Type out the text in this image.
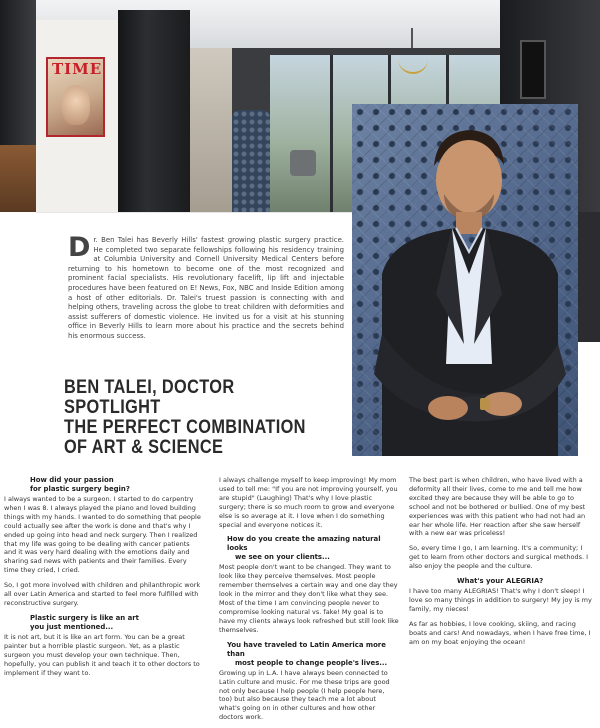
TIME
Dr. Ben Talei has Beverly Hills' fastest growing plastic surgery practice. He completed two separate fellowships following his residency training at Columbia University and Cornell University Medical Centers before returning to his hometown to become one of the most recognized and prominent facial specialists. His revolutionary facelift, lip lift and injectable procedures have been featured on E! News, Fox, NBC and Inside Edition among a host of other editorials. Dr. Talei's truest passion is connecting with and helping others, traveling across the globe to treat children with deformities and assist sufferers of domestic violence. He invited us for a visit at his stunning office in Beverly Hills to learn more about his practice and the secrets behind his enormous success.
BEN TALEI, DOCTOR SPOTLIGHT
THE PERFECT COMBINATION
OF ART & SCIENCE
How did your passion
for plastic surgery begin?

I always wanted to be a surgeon. I started to do carpentry when I was 8. I always played the piano and loved building things with my hands. I wanted to do something that people could actually see after the work is done and that's why I ended up going into head and neck surgery. Then I realized that my life was going to be dealing with cancer patients and it was very hard dealing with the emotions daily and sharing sad news with patients and their families. Every time they cried, I cried.

So, I got more involved with children and philanthropic work all over Latin America and started to feel more fulfilled with reconstructive surgery.

Plastic surgery is like an art
you just mentioned...

It is not art, but it is like an art form. You can be a great painter but a horrible plastic surgeon. Yet, as a plastic surgeon you must develop your own technique. Then, hopefully, you can publish it and teach it to other doctors to implement if they want to.

I always challenge myself to keep improving! My mom used to tell me: "If you are not improving yourself, you are stupid" (Laughing) That's why I love plastic surgery; there is so much room to grow and everyone else is so average at it. I love when I do something special and everyone notices it.

How do you create the amazing natural looks
we see on your clients...

Most people don't want to be changed. They want to look like they perceive themselves. Most people remember themselves a certain way and one day they look in the mirror and they don't like what they see. Most of the time I am convincing people never to compromise looking natural vs. fake! My goal is to have my clients always look refreshed but still look like themselves.

You have traveled to Latin America more than
most people to change people's lives...

Growing up in L.A. I have always been connected to Latin culture and music. For me these trips are good not only because I help people (I help people here, too) but also because they teach me a lot about what's going on in other cultures and how other doctors work.

The best part is when children, who have lived with a deformity all their lives, come to me and tell me how excited they are because they will be able to go to school and not be bothered or bullied. One of my best experiences was with this patient who had not had an ear her whole life. Her reaction after she saw herself with a new ear was priceless!

So, every time I go, I am learning. It's a community; I get to learn from other doctors and surgical methods. I also enjoy the people and the culture.

What's your ALEGRIA?

I have too many ALEGRIAS! That's why I don't sleep! I love so many things in addition to surgery! My joy is my family, my nieces!

As far as hobbies, I love cooking, skiing, and racing boats and cars! And nowadays, when I have free time, I am on my boat enjoying the ocean!
